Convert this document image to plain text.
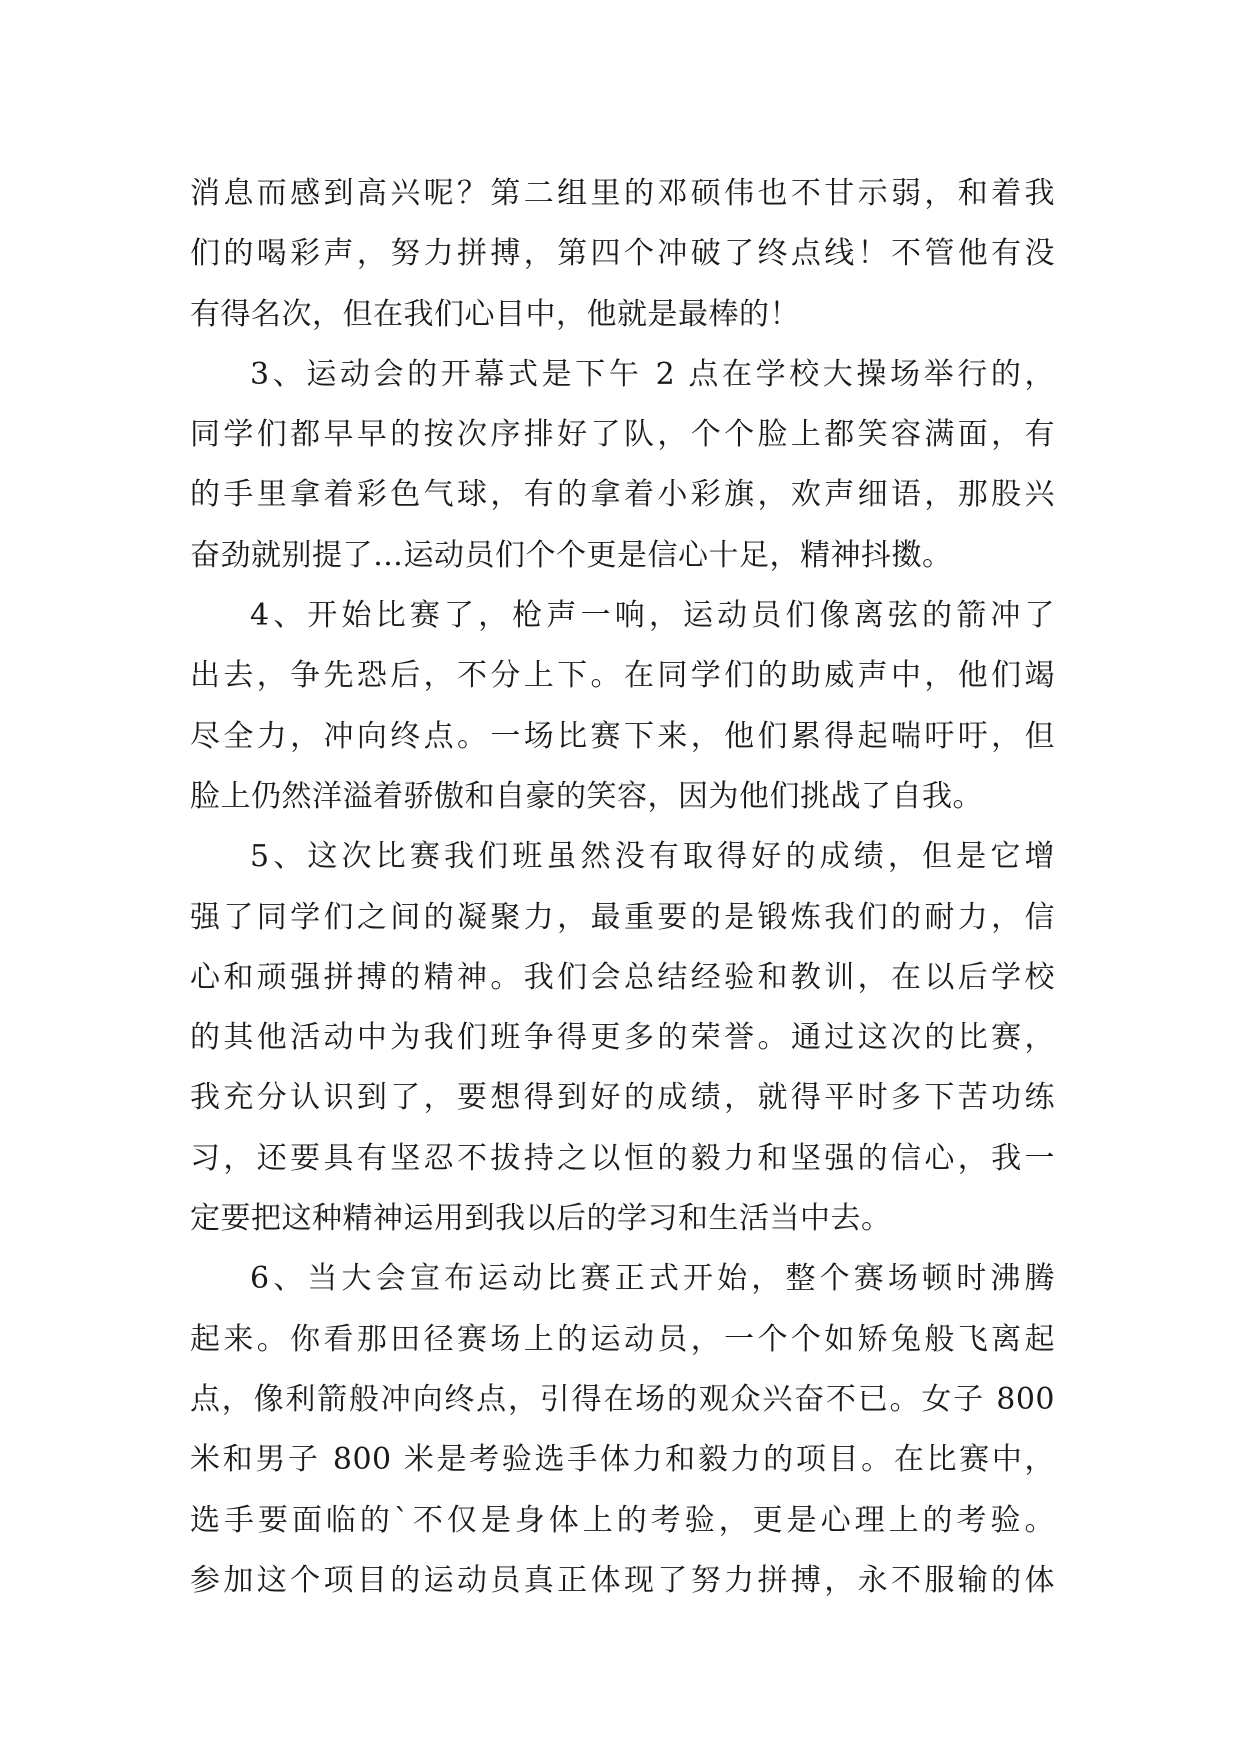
消息而感到高兴呢？第二组里的邓硕伟也不甘示弱，和着我
们的喝彩声，努力拼搏，第四个冲破了终点线！不管他有没
有得名次，但在我们心目中，他就是最棒的！
3、运动会的开幕式是下午 2 点在学校大操场举行的，
同学们都早早的按次序排好了队，个个脸上都笑容满面，有
的手里拿着彩色气球，有的拿着小彩旗，欢声细语，那股兴
奋劲就别提了…运动员们个个更是信心十足，精神抖擞。
4、开始比赛了，枪声一响，运动员们像离弦的箭冲了
出去，争先恐后，不分上下。在同学们的助威声中，他们竭
尽全力，冲向终点。一场比赛下来，他们累得起喘吁吁，但
脸上仍然洋溢着骄傲和自豪的笑容，因为他们挑战了自我。
5、这次比赛我们班虽然没有取得好的成绩，但是它增
强了同学们之间的凝聚力，最重要的是锻炼我们的耐力，信
心和顽强拼搏的精神。我们会总结经验和教训，在以后学校
的其他活动中为我们班争得更多的荣誉。通过这次的比赛，
我充分认识到了，要想得到好的成绩，就得平时多下苦功练
习，还要具有坚忍不拔持之以恒的毅力和坚强的信心，我一
定要把这种精神运用到我以后的学习和生活当中去。
6、当大会宣布运动比赛正式开始，整个赛场顿时沸腾
起来。你看那田径赛场上的运动员，一个个如矫兔般飞离起
点，像利箭般冲向终点，引得在场的观众兴奋不已。女子 800
米和男子 800 米是考验选手体力和毅力的项目。在比赛中，
选手要面临的`不仅是身体上的考验，更是心理上的考验。
参加这个项目的运动员真正体现了努力拼搏，永不服输的体
